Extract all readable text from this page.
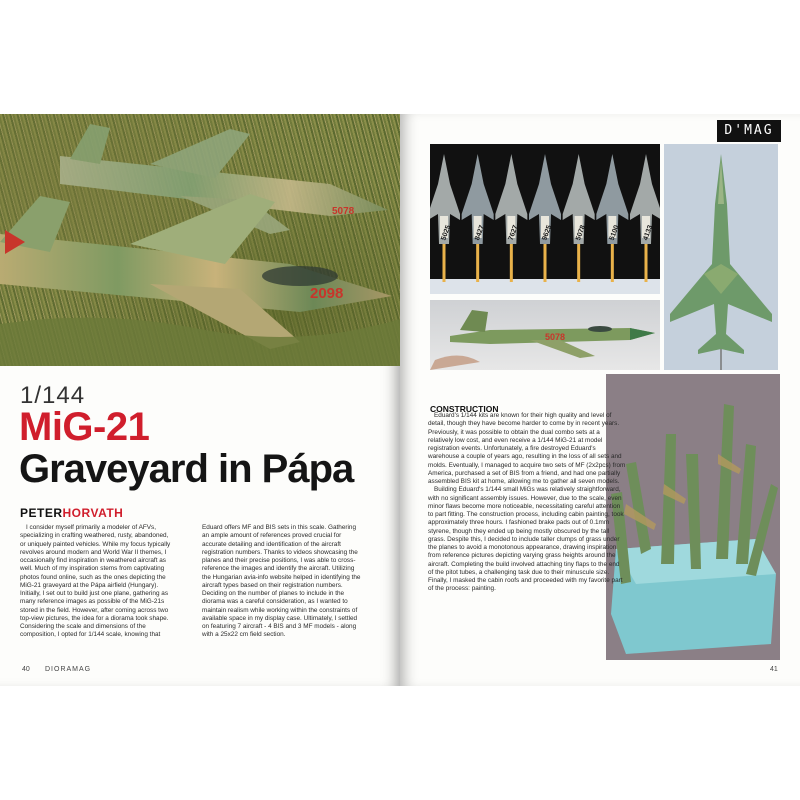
2098
5078
1/144
MiG-21
Graveyard in Pápa
PETERHORVATH
I consider myself primarily a modeler of AFVs, specializing in crafting weathered, rusty, abandoned, or uniquely painted vehicles. While my focus typically revolves around modern and World War II themes, I occasionally find inspiration in weathered aircraft as well. Much of my inspiration stems from captivating photos found online, such as the ones depicting the MiG-21 graveyard at the Pápa airfield (Hungary). Initially, I set out to build just one plane, gathering as many reference images as possible of the MiG-21s stored in the field. However, after coming across two top-view pictures, the idea for a diorama took shape. Considering the scale and dimensions of the composition, I opted for 1/144 scale, knowing that
Eduard offers MF and BIS sets in this scale. Gathering an ample amount of references proved crucial for accurate detailing and identification of the aircraft registration numbers. Thanks to videos showcasing the planes and their precise positions, I was able to cross-reference the images and identify the aircraft. Utilizing the Hungarian avia-info website helped in identifying the aircraft types based on their registration numbers. Deciding on the number of planes to include in the diorama was a careful consideration, as I wanted to maintain realism while working within the constraints of available space in my display case. Ultimately, I settled on featuring 7 aircraft - 4 BIS and 3 MF models - along with a 25x22 cm field section.
40 DIORAMAG
D'MAG
5025	8427	7627	9625	5078	5100	4133
5078
CONSTRUCTION
Eduard's 1/144 kits are known for their high quality and level of detail, though they have become harder to come by in recent years. Previously, it was possible to obtain the dual combo sets at a relatively low cost, and even receive a 1/144 MiG-21 at model registration events. Unfortunately, a fire destroyed Eduard's warehouse a couple of years ago, resulting in the loss of all sets and molds. Eventually, I managed to acquire two sets of MF (2x2pcs) from America, purchased a set of BIS from a friend, and had one partially assembled BIS kit at home, allowing me to gather all seven models.
Building Eduard's 1/144 small MiGs was relatively straightforward, with no significant assembly issues. However, due to the scale, even minor flaws become more noticeable, necessitating careful attention to part fitting. The construction process, including cabin painting, took approximately three hours. I fashioned brake pads out of 0.1mm styrene, though they ended up being mostly obscured by the tall grass. Despite this, I decided to include taller clumps of grass under the planes to avoid a monotonous appearance, drawing inspiration from reference pictures depicting varying grass heights around the aircraft. Completing the build involved attaching tiny flaps to the end of the pitot tubes, a challenging task due to their minuscule size. Finally, I masked the cabin roofs and proceeded with my favorite part of the process: painting.
41
